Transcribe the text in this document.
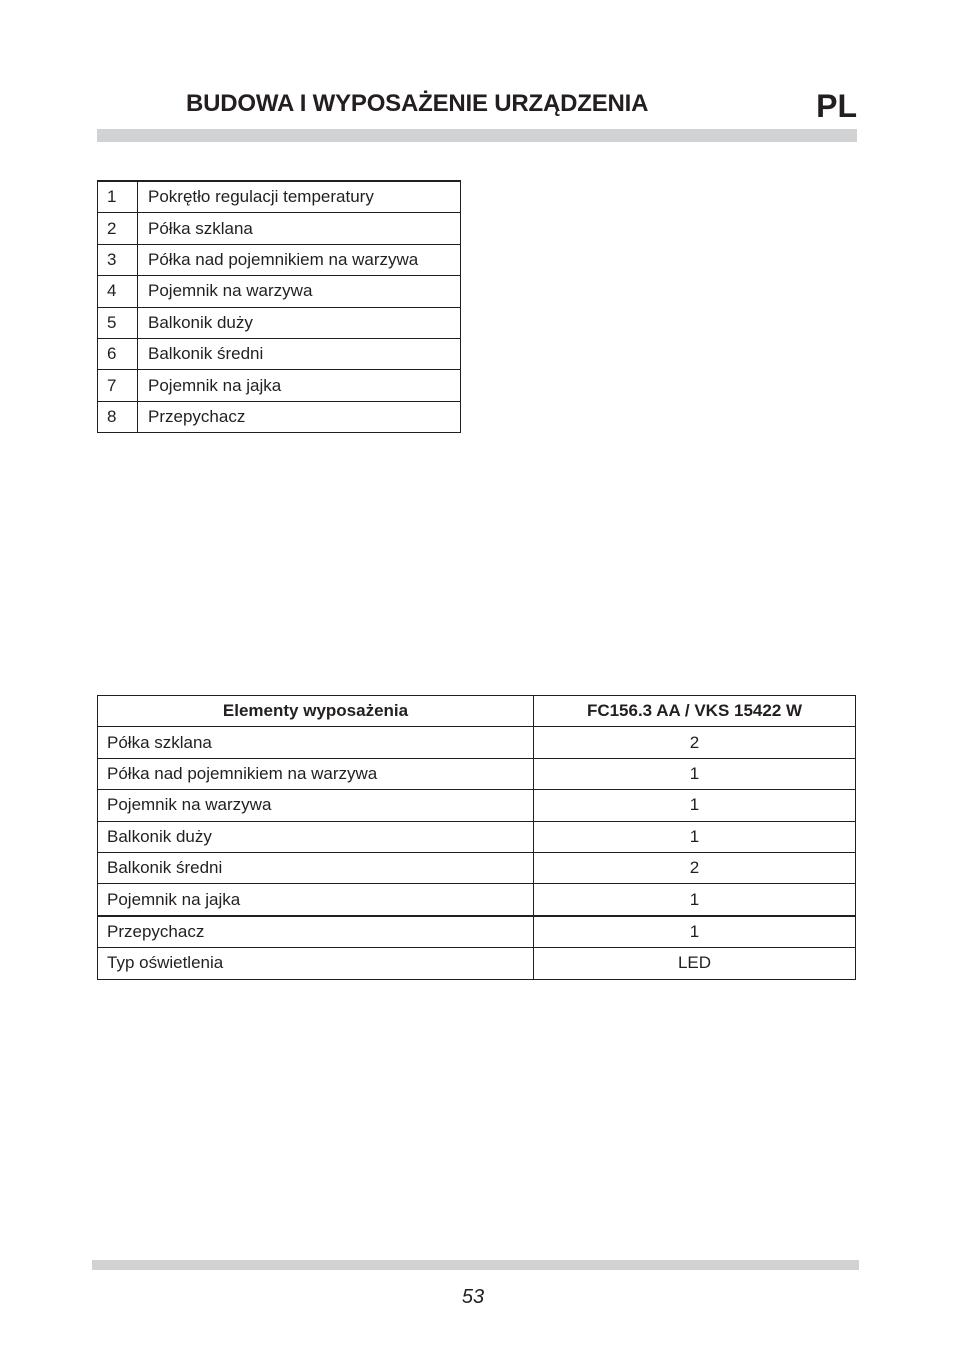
BUDOWA I WYPOSAŻENIE URZĄDZENIA	PL
1	Pokrętło regulacji temperatury
2	Półka szklana
3	Półka nad pojemnikiem na warzywa
4	Pojemnik na warzywa
5	Balkonik duży
6	Balkonik średni
7	Pojemnik na jajka
8	Przepychacz
Elementy wyposażenia	FC156.3 AA / VKS 15422 W
Półka szklana	2
Półka nad pojemnikiem na warzywa	1
Pojemnik na warzywa	1
Balkonik duży	1
Balkonik średni	2
Pojemnik na jajka	1
Przepychacz	1
Typ oświetlenia	LED
53
